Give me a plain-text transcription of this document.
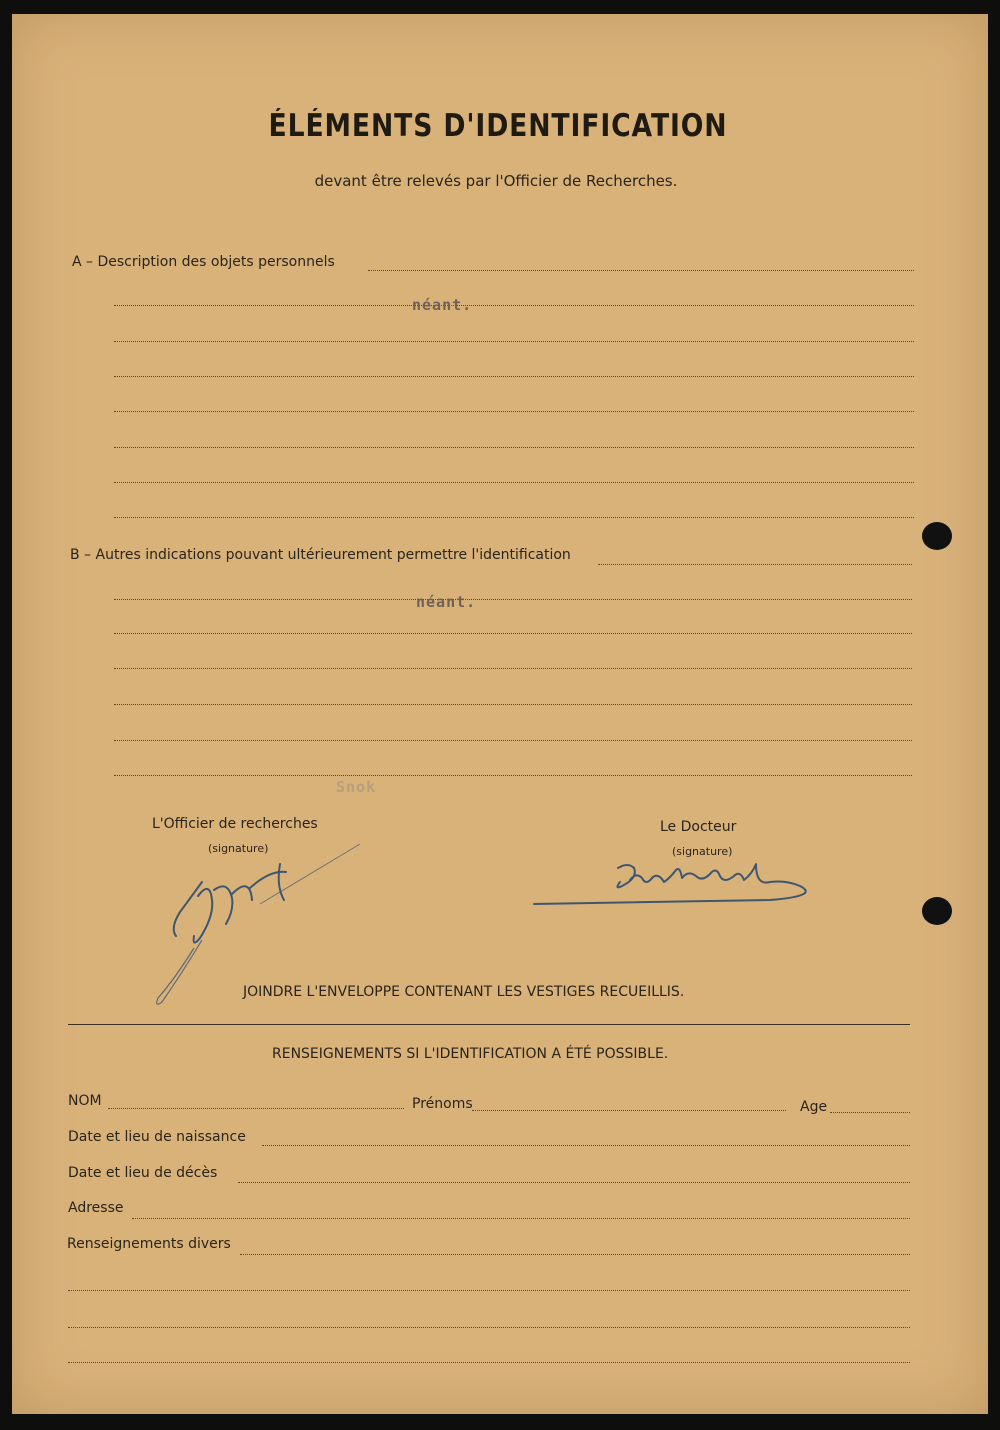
ÉLÉMENTS D'IDENTIFICATION
devant être relevés par l'Officier de Recherches.
A – Description des objets personnels
néant.
B – Autres indications pouvant ultérieurement permettre l'identification
néant.
Snok
L'Officier de recherches
(signature)
Le Docteur
(signature)
JOINDRE L'ENVELOPPE CONTENANT LES VESTIGES RECUEILLIS.
RENSEIGNEMENTS SI L'IDENTIFICATION A ÉTÉ POSSIBLE.
NOM	Prénoms	Age
Date et lieu de naissance
Date et lieu de décès
Adresse
Renseignements divers
